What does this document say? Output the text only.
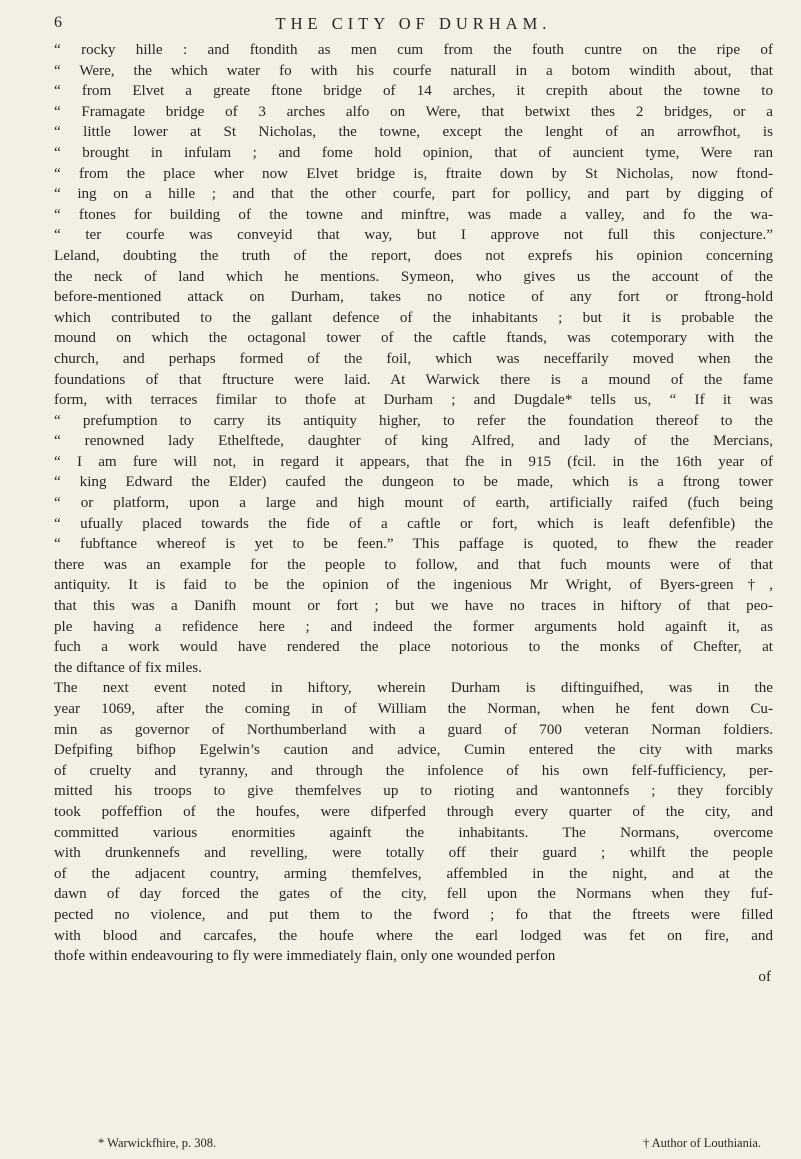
6	THE CITY OF DURHAM.
“ rocky hille : and ftondith as men cum from the fouth cuntre on the ripe of
“ Were, the which water fo with his courfe naturall in a botom windith about, that
“ from Elvet a greate ftone bridge of 14 arches, it crepith about the towne to
“ Framagate bridge of 3 arches alfo on Were, that betwixt thes 2 bridges, or a
“ little lower at St Nicholas, the towne, except the lenght of an arrowfhot, is
“ brought in infulam ; and fome hold opinion, that of auncient tyme, Were ran
“ from the place wher now Elvet bridge is, ftraite down by St Nicholas, now ftond-
“ ing on a hille ; and that the other courfe, part for pollicy, and part by digging of
“ ftones for building of the towne and minftre, was made a valley, and fo the wa-
“ ter courfe was conveyid that way, but I approve not full this conjecture.”
Leland, doubting the truth of the report, does not exprefs his opinion concerning
the neck of land which he mentions. Symeon, who gives us the account of the
before-mentioned attack on Durham, takes no notice of any fort or ftrong-hold
which contributed to the gallant defence of the inhabitants ; but it is probable the
mound on which the octagonal tower of the caftle ftands, was cotemporary with the
church, and perhaps formed of the foil, which was neceffarily moved when the
foundations of that ftructure were laid. At Warwick there is a mound of the fame
form, with terraces fimilar to thofe at Durham ; and Dugdale* tells us, “ If it was
“ prefumption to carry its antiquity higher, to refer the foundation thereof to the
“ renowned lady Ethelftede, daughter of king Alfred, and lady of the Mercians,
“ I am fure will not, in regard it appears, that fhe in 915 (fcil. in the 16th year of
“ king Edward the Elder) caufed the dungeon to be made, which is a ftrong tower
“ or platform, upon a large and high mount of earth, artificially raifed (fuch being
“ ufually placed towards the fide of a caftle or fort, which is leaft defenfible) the
“ fubftance whereof is yet to be feen.” This paffage is quoted, to fhew the reader
there was an example for the people to follow, and that fuch mounts were of that
antiquity. It is faid to be the opinion of the ingenious Mr Wright, of Byers-green†,
that this was a Danifh mount or fort ; but we have no traces in hiftory of that peo-
ple having a refidence here ; and indeed the former arguments hold againft it, as
fuch a work would have rendered the place notorious to the monks of Chefter, at
the diftance of fix miles.
The next event noted in hiftory, wherein Durham is diftinguifhed, was in the
year 1069, after the coming in of William the Norman, when he fent down Cu-
min as governor of Northumberland with a guard of 700 veteran Norman foldiers.
Defpifing bifhop Egelwin’s caution and advice, Cumin entered the city with marks
of cruelty and tyranny, and through the infolence of his own felf-fufficiency, per-
mitted his troops to give themfelves up to rioting and wantonnefs ; they forcibly
took poffeffion of the houfes, were difperfed through every quarter of the city, and
committed various enormities againft the inhabitants. The Normans, overcome
with drunkennefs and revelling, were totally off their guard ; whilft the people
of the adjacent country, arming themfelves, affembled in the night, and at the
dawn of day forced the gates of the city, fell upon the Normans when they fuf-
pected no violence, and put them to the fword ; fo that the ftreets were filled
with blood and carcafes, the houfe where the earl lodged was fet on fire, and
thofe within endeavouring to fly were immediately flain, only one wounded perfon
of
* Warwickfhire, p. 308.	† Author of Louthiania.
